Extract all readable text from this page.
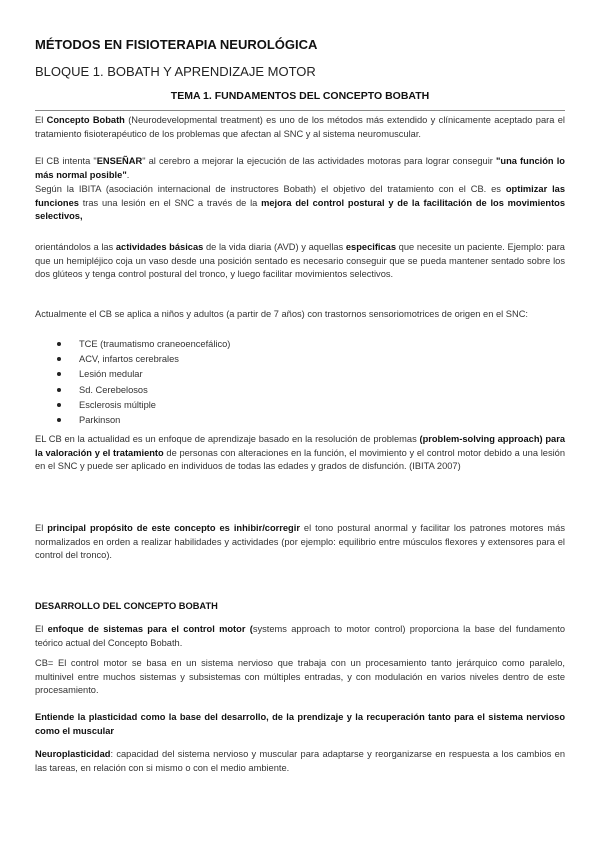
MÉTODOS EN FISIOTERAPIA NEUROLÓGICA
BLOQUE 1. BOBATH Y APRENDIZAJE MOTOR
TEMA 1. FUNDAMENTOS DEL CONCEPTO BOBATH
El Concepto Bobath (Neurodevelopmental treatment) es uno de los métodos más extendido y clínicamente aceptado para el tratamiento fisioterapéutico de los problemas que afectan al SNC y al sistema neuromuscular.
El CB intenta "ENSEÑAR" al cerebro a mejorar la ejecución de las actividades motoras para lograr conseguir "una función lo más normal posible".
Según la IBITA (asociación internacional de instructores Bobath) el objetivo del tratamiento con el CB. es optimizar las funciones tras una lesión en el SNC a través de la mejora del control postural y de la facilitación de los movimientos selectivos,
orientándolos a las actividades básicas de la vida diaria (AVD) y aquellas especificas que necesite un paciente. Ejemplo: para que un hemipléjico coja un vaso desde una posición sentado es necesario conseguir que se pueda mantener sentado sobre los dos glúteos y tenga control postural del tronco, y luego facilitar movimientos selectivos.
Actualmente el CB se aplica a niños y adultos (a partir de 7 años) con trastornos sensoriomotrices de origen en el SNC:
TCE (traumatismo craneoencefálico)
ACV, infartos cerebrales
Lesión medular
Sd. Cerebelosos
Esclerosis múltiple
Parkinson
EL CB en la actualidad es un enfoque de aprendizaje basado en la resolución de problemas (problem-solving approach) para la valoración y el tratamiento de personas con alteraciones en la función, el movimiento y el control motor debido a una lesión en el SNC y puede ser aplicado en individuos de todas las edades y grados de disfunción. (IBITA 2007)
El principal propósito de este concepto es inhibir/corregir el tono postural anormal y facilitar los patrones motores más normalizados en orden a realizar habilidades y actividades (por ejemplo: equilibrio entre músculos flexores y extensores para el control del tronco).
DESARROLLO DEL CONCEPTO BOBATH
El enfoque de sistemas para el control motor (systems approach to motor control) proporciona la base del fundamento teórico actual del Concepto Bobath.
CB= El control motor se basa en un sistema nervioso que trabaja con un procesamiento tanto jerárquico como paralelo, multinivel entre muchos sistemas y subsistemas con múltiples entradas, y con modulación en varios niveles dentro de este procesamiento.
Entiende la plasticidad como la base del desarrollo, de la prendizaje y la recuperación tanto para el sistema nervioso como el muscular
Neuroplasticidad: capacidad del sistema nervioso y muscular para adaptarse y reorganizarse en respuesta a los cambios en las tareas, en relación con si mismo o con el medio ambiente.
